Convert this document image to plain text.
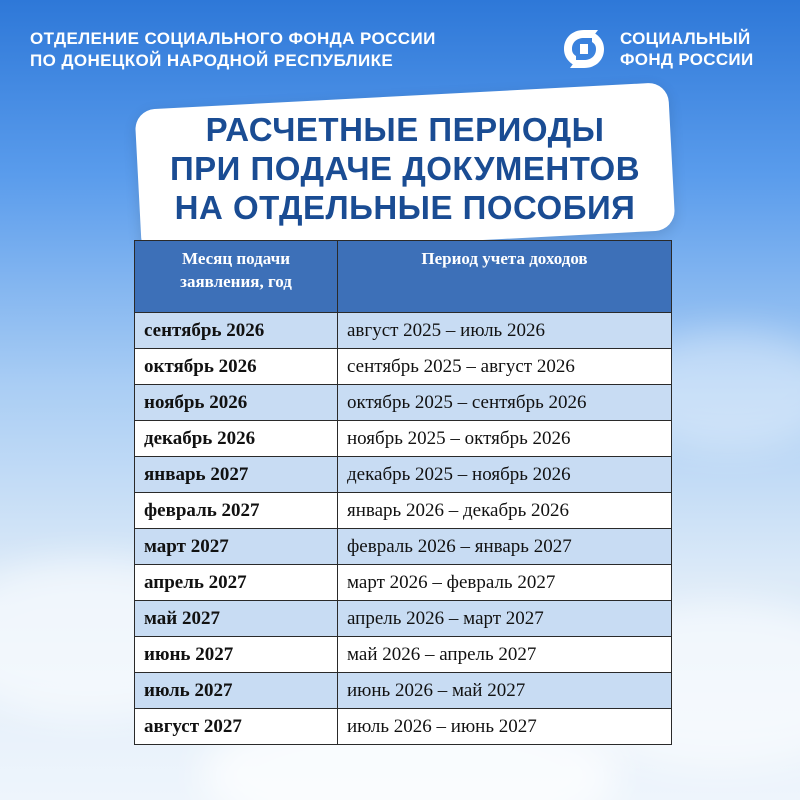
ОТДЕЛЕНИЕ СОЦИАЛЬНОГО ФОНДА РОССИИ
ПО ДОНЕЦКОЙ НАРОДНОЙ РЕСПУБЛИКЕ
СОЦИАЛЬНЫЙ
ФОНД РОССИИ
РАСЧЕТНЫЕ ПЕРИОДЫ
ПРИ ПОДАЧЕ ДОКУМЕНТОВ
НА ОТДЕЛЬНЫЕ ПОСОБИЯ
Месяц подачи
заявления, год	Период учета доходов
сентябрь 2026	август 2025 – июль 2026
октябрь 2026	сентябрь 2025 – август 2026
ноябрь 2026	октябрь 2025 – сентябрь 2026
декабрь 2026	ноябрь 2025 – октябрь 2026
январь 2027	декабрь 2025 – ноябрь 2026
февраль 2027	январь 2026 – декабрь 2026
март 2027	февраль 2026 – январь 2027
апрель 2027	март 2026 – февраль 2027
май 2027	апрель 2026 – март 2027
июнь 2027	май 2026 – апрель 2027
июль 2027	июнь 2026 – май 2027
август 2027	июль 2026 – июнь 2027
